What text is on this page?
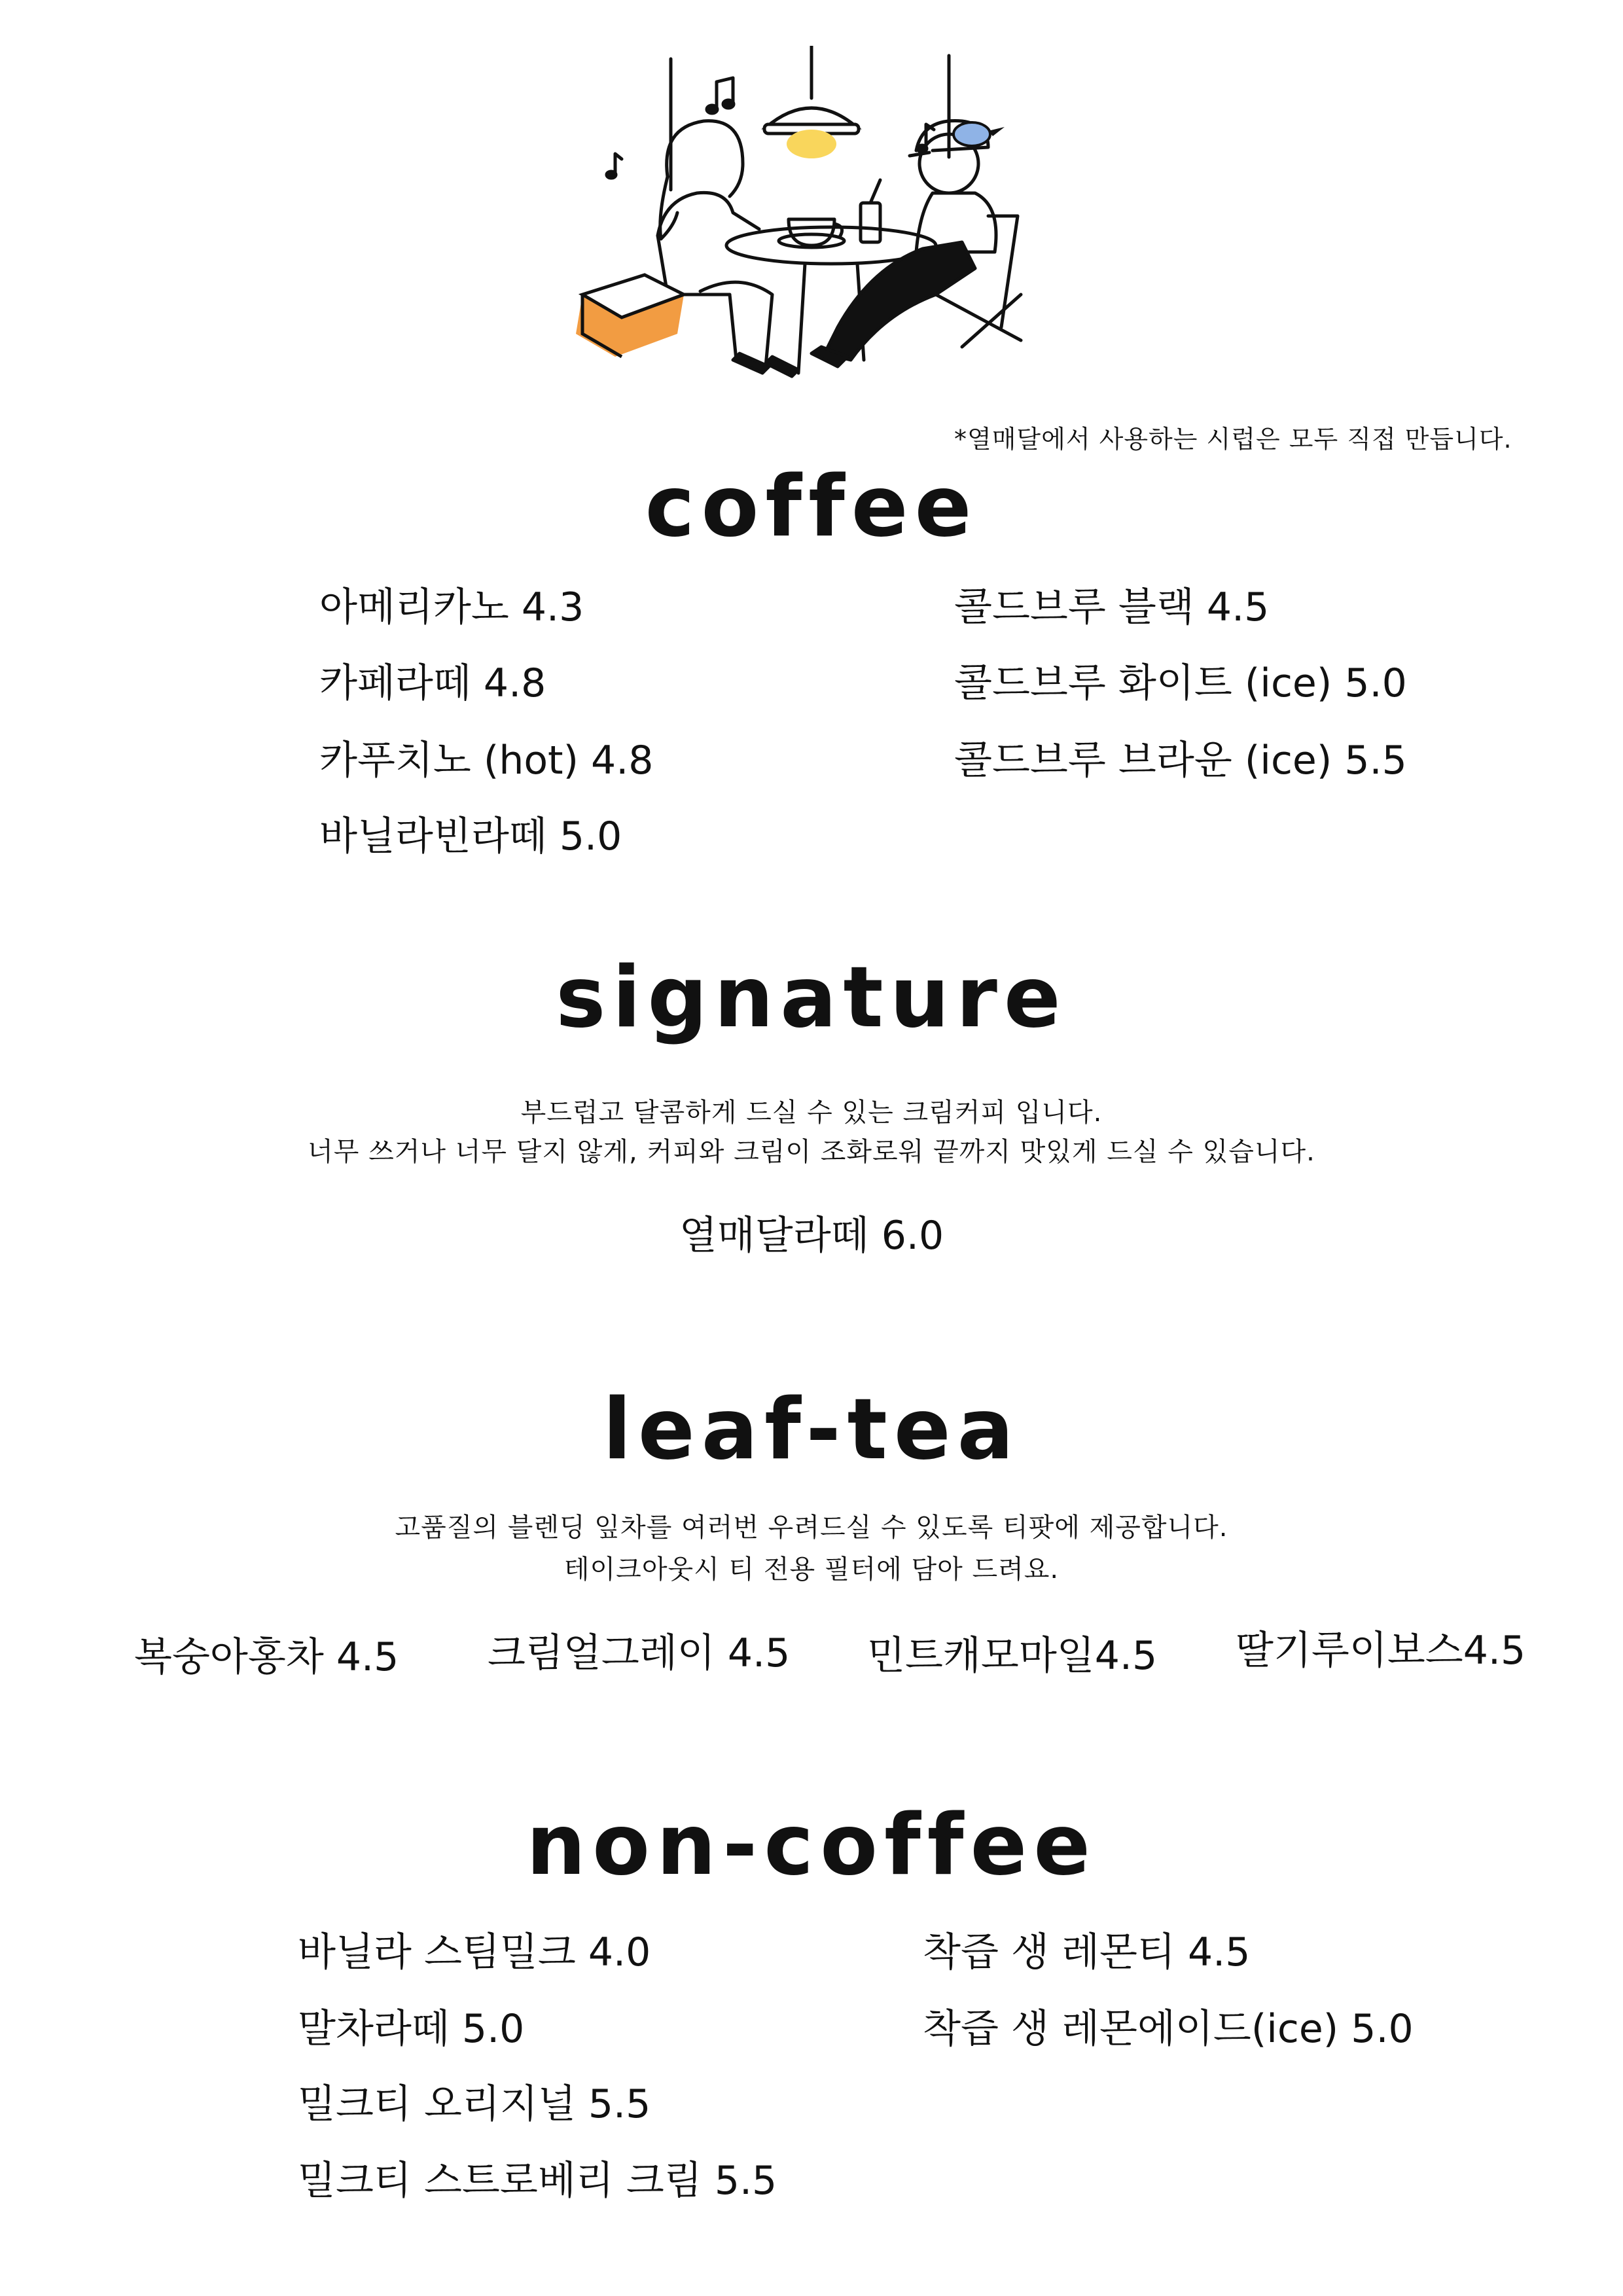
*열매달에서 사용하는 시럽은 모두 직접 만듭니다.
coffee
아메리카노 4.3
카페라떼 4.8
카푸치노 (hot) 4.8
바닐라빈라떼 5.0
콜드브루 블랙 4.5
콜드브루 화이트 (ice) 5.0
콜드브루 브라운 (ice) 5.5
signature
부드럽고 달콤하게 드실 수 있는 크림커피 입니다.
너무 쓰거나 너무 달지 않게, 커피와 크림이 조화로워 끝까지 맛있게 드실 수 있습니다.
열매달라떼 6.0
leaf-tea
고품질의 블렌딩 잎차를 여러번 우려드실 수 있도록 티팟에 제공합니다.
테이크아웃시 티 전용 필터에 담아 드려요.
복숭아홍차 4.5 크림얼그레이 4.5 민트캐모마일4.5 딸기루이보스4.5
non-coffee
바닐라 스팀밀크 4.0
말차라떼 5.0
밀크티 오리지널 5.5
밀크티 스트로베리 크림 5.5
착즙 생 레몬티 4.5
착즙 생 레몬에이드(ice) 5.0
